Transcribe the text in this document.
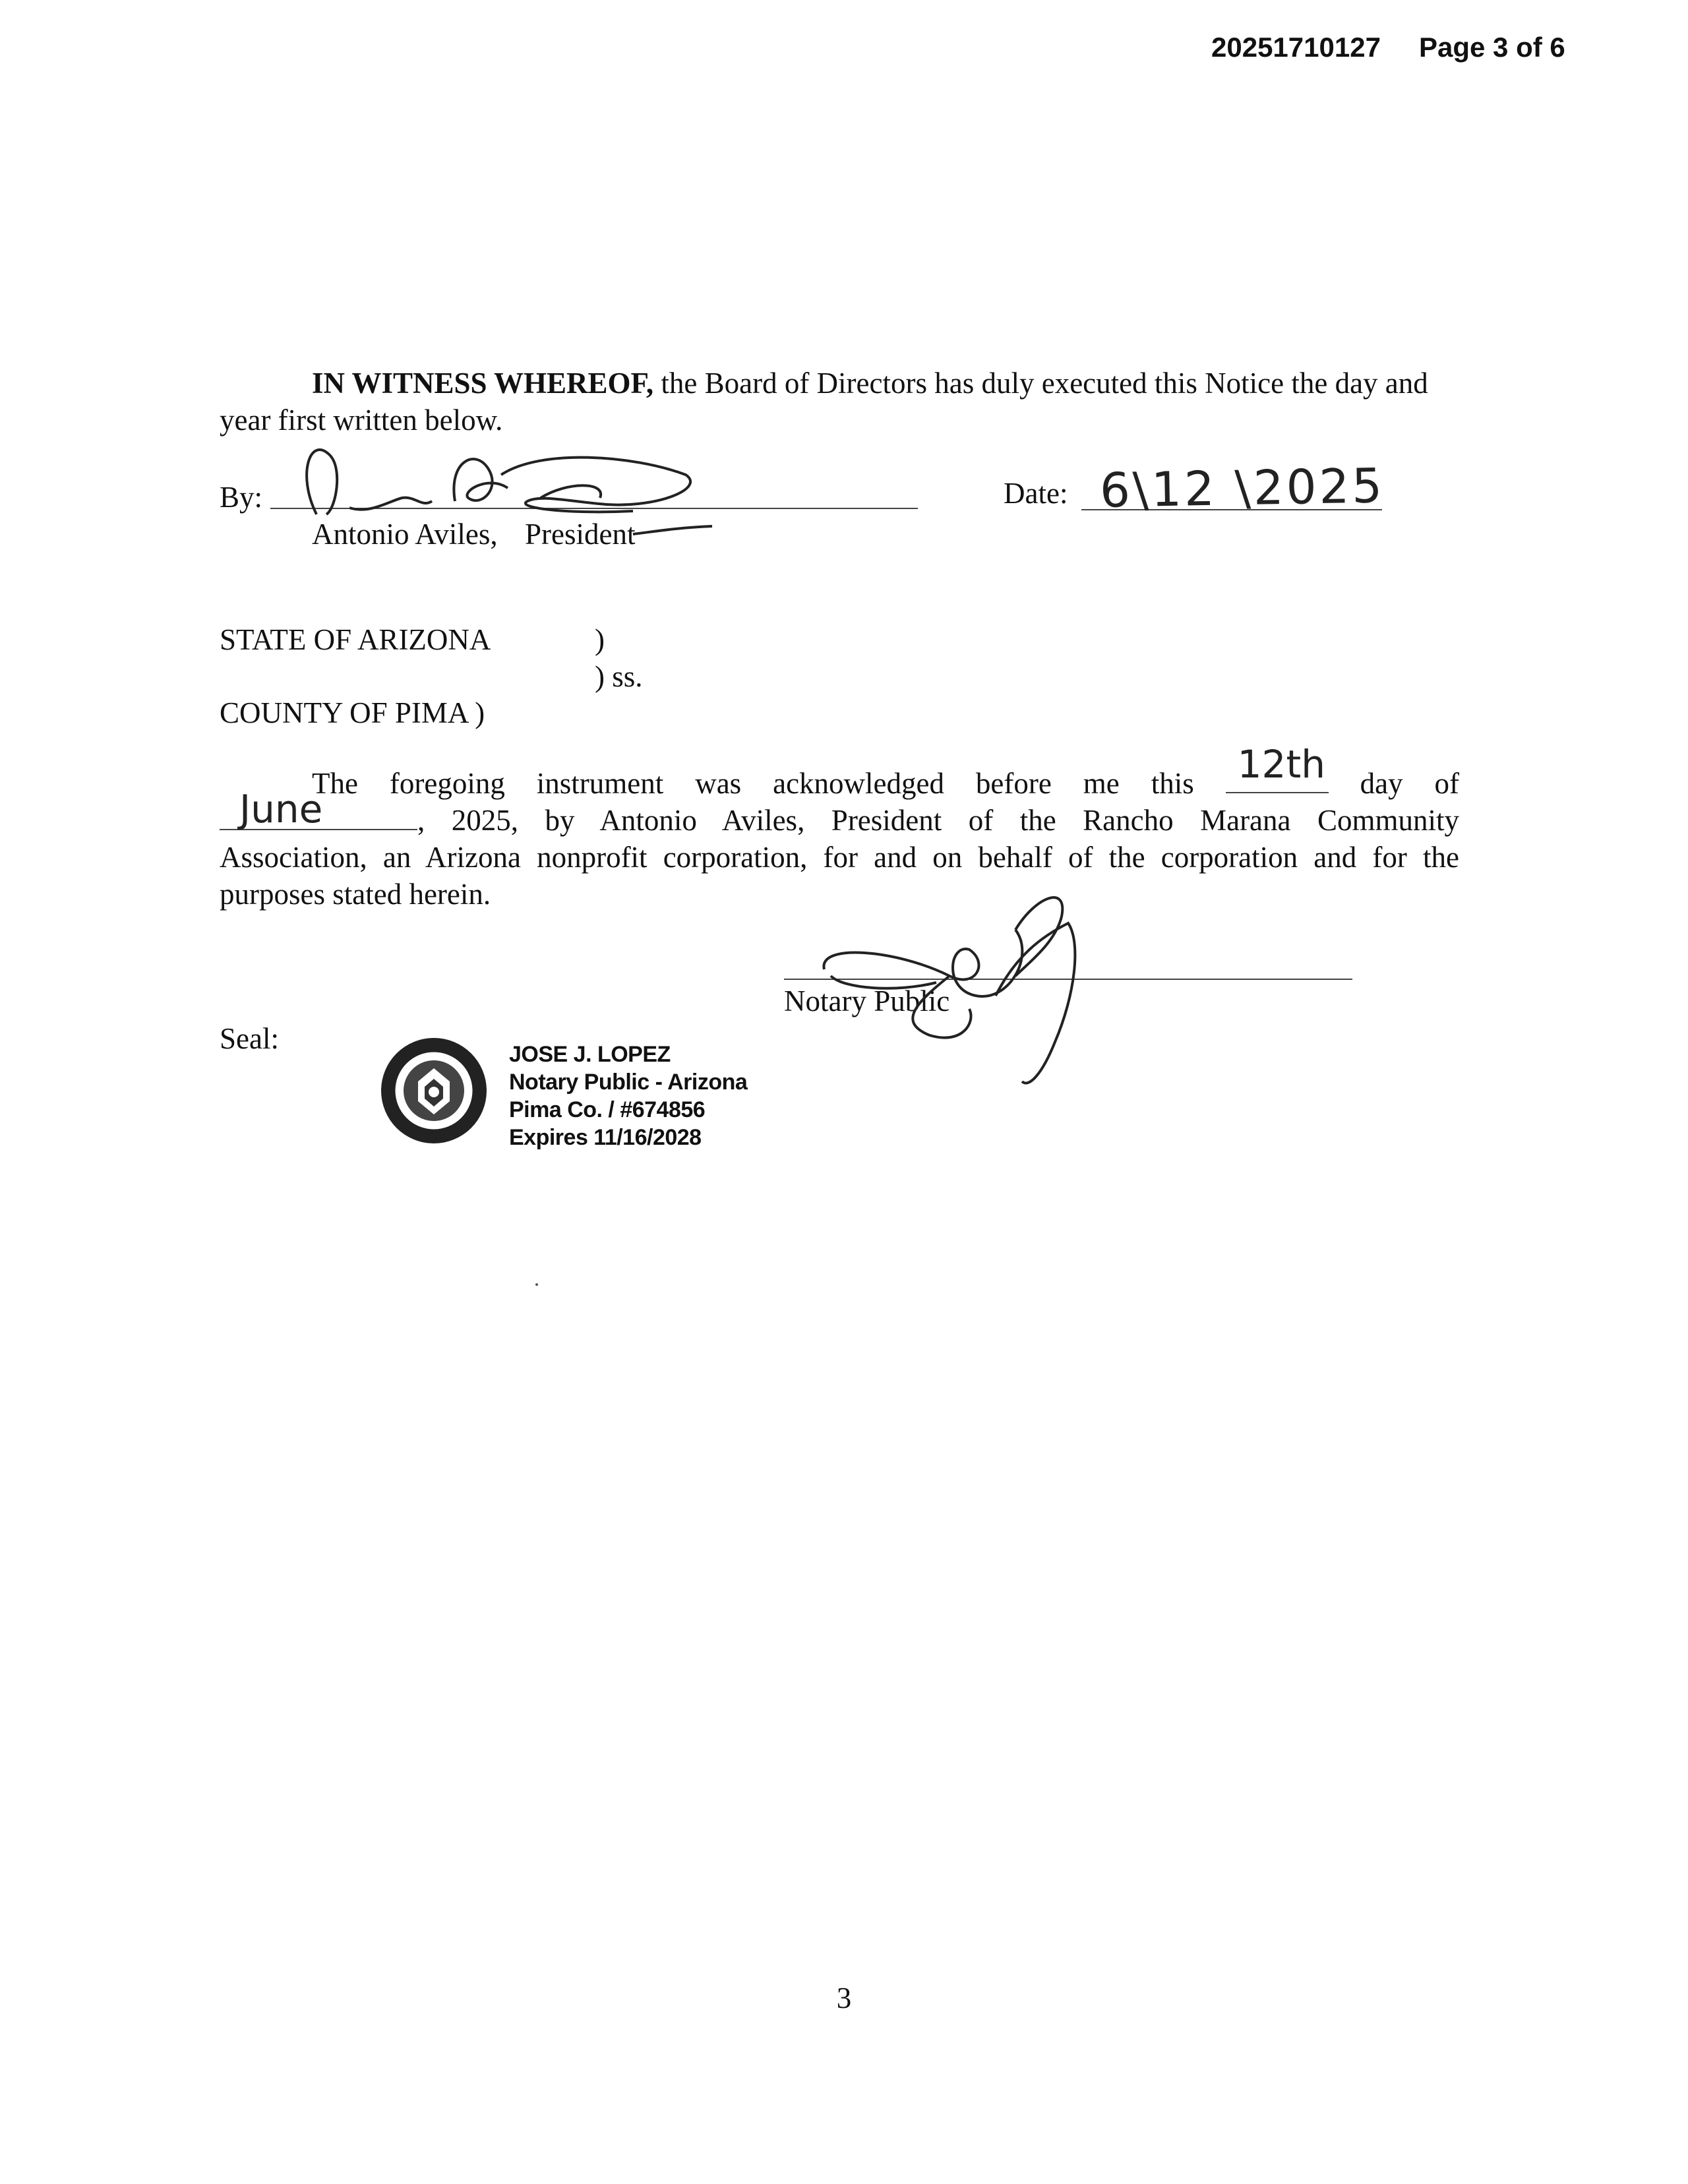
20251710127 Page 3 of 6
IN WITNESS WHEREOF, the Board of Directors has duly executed this Notice the day and year first written below.
By:
Antonio Aviles, President
Date: 6\12 \2025
STATE OF ARIZONA	)
) ss.
COUNTY OF PIMA )
The foregoing instrument was acknowledged before me this 12th day of
June	, 2025, by Antonio Aviles, President of the Rancho Marana Community
Association, an Arizona nonprofit corporation, for and on behalf of the corporation and for the
purposes stated herein.
Notary Public
Seal:	JOSE J. LOPEZ
Notary Public - Arizona
Pima Co. / #674856
Expires 11/16/2028
3
